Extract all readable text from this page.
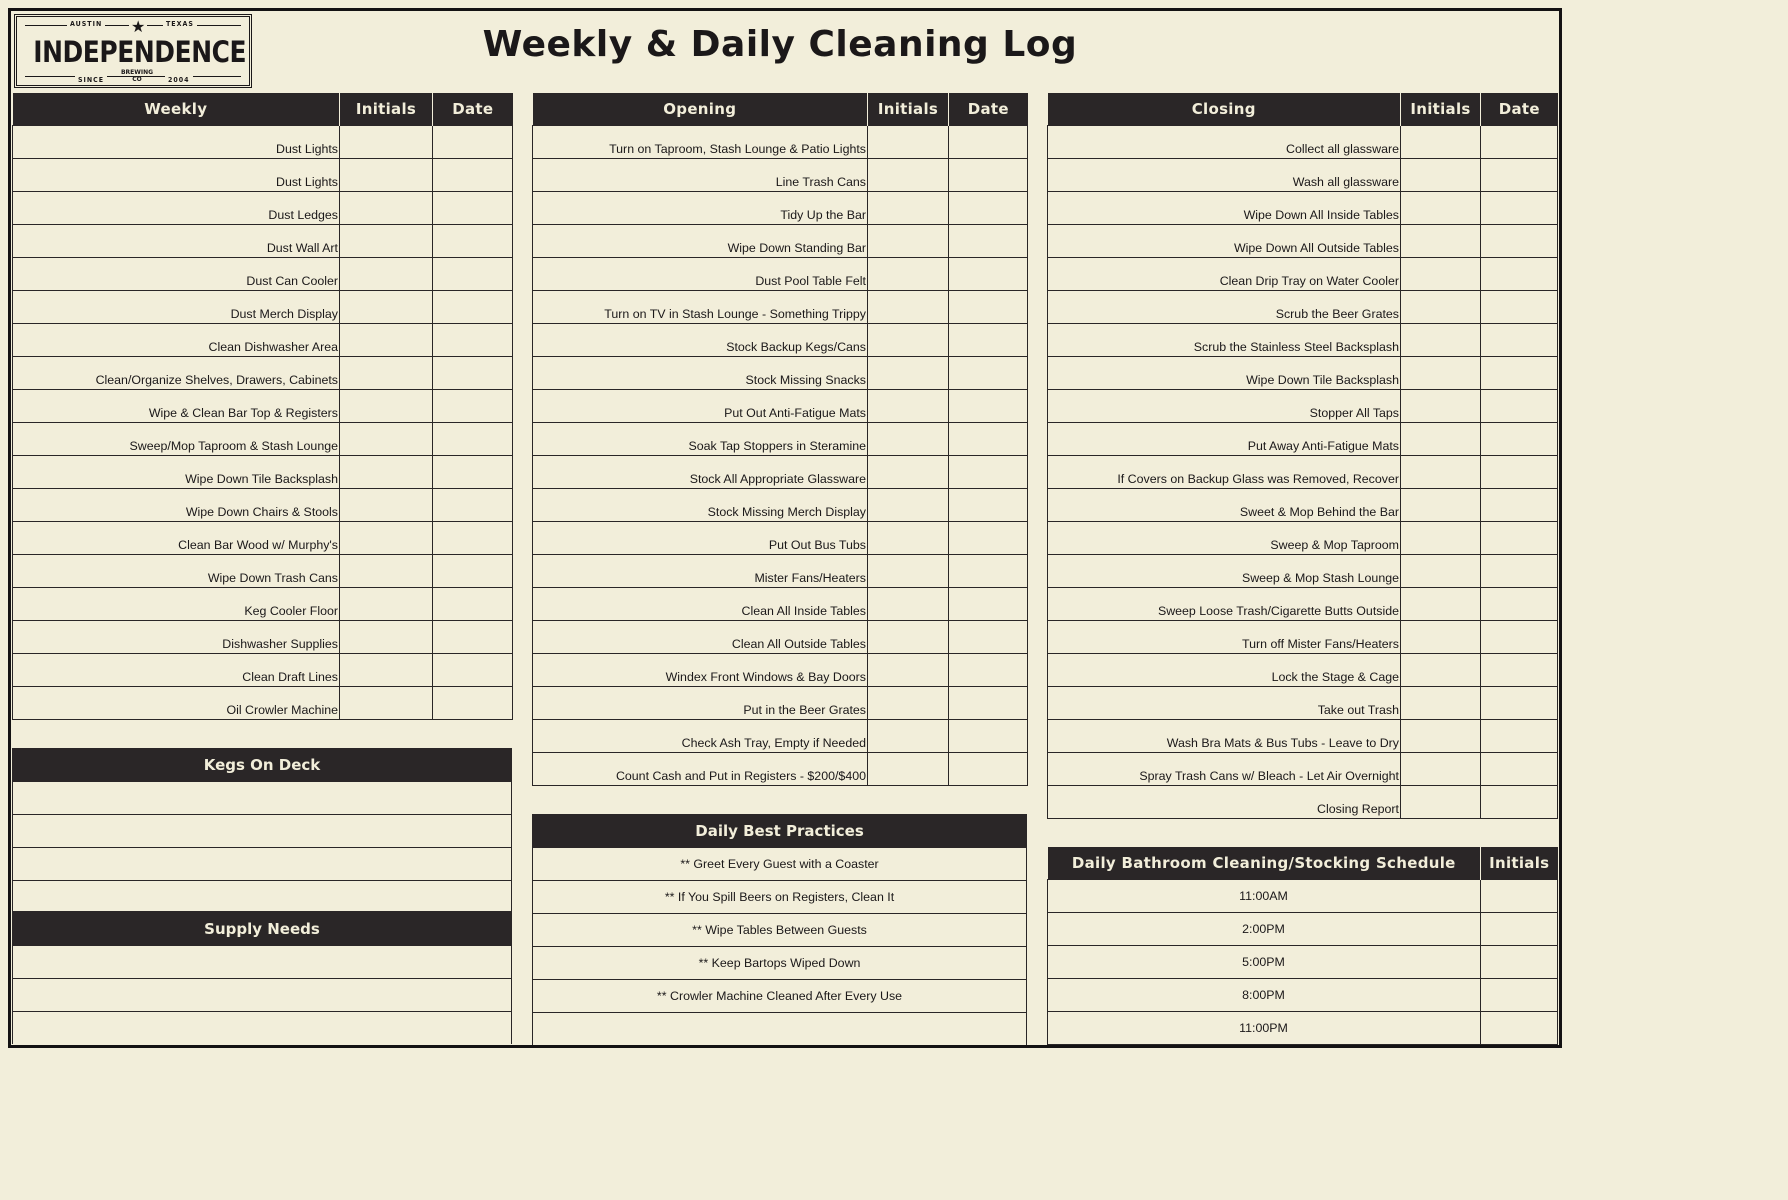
AUSTIN ★	TEXAS
INDEPENDENCE
SINCE
BREWING CO	2004
Weekly & Daily Cleaning Log
Weekly	Initials	Date
Dust Lights		
Dust Lights		
Dust Ledges		
Dust Wall Art		
Dust Can Cooler		
Dust Merch Display		
Clean Dishwasher Area		
Clean/Organize Shelves, Drawers, Cabinets		
Wipe & Clean Bar Top & Registers		
Sweep/Mop Taproom & Stash Lounge		
Wipe Down Tile Backsplash		
Wipe Down Chairs & Stools		
Clean Bar Wood w/ Murphy's		
Wipe Down Trash Cans		
Keg Cooler Floor		
Dishwasher Supplies		
Clean Draft Lines		
Oil Crowler Machine		
Opening	Initials	Date
Turn on Taproom, Stash Lounge & Patio Lights		
Line Trash Cans		
Tidy Up the Bar		
Wipe Down Standing Bar		
Dust Pool Table Felt		
Turn on TV in Stash Lounge - Something Trippy		
Stock Backup Kegs/Cans		
Stock Missing Snacks		
Put Out Anti-Fatigue Mats		
Soak Tap Stoppers in Steramine		
Stock All Appropriate Glassware		
Stock Missing Merch Display		
Put Out Bus Tubs		
Mister Fans/Heaters		
Clean All Inside Tables		
Clean All Outside Tables		
Windex Front Windows & Bay Doors		
Put in the Beer Grates		
Check Ash Tray, Empty if Needed		
Count Cash and Put in Registers - $200/$400		
Closing	Initials	Date
Collect all glassware		
Wash all glassware		
Wipe Down All Inside Tables		
Wipe Down All Outside Tables		
Clean Drip Tray on Water Cooler		
Scrub the Beer Grates		
Scrub the Stainless Steel Backsplash		
Wipe Down Tile Backsplash		
Stopper All Taps		
Put Away Anti-Fatigue Mats		
If Covers on Backup Glass was Removed, Recover		
Sweet & Mop Behind the Bar		
Sweep & Mop Taproom		
Sweep & Mop Stash Lounge		
Sweep Loose Trash/Cigarette Butts Outside		
Turn off Mister Fans/Heaters		
Lock the Stage & Cage		
Take out Trash		
Wash Bra Mats & Bus Tubs - Leave to Dry		
Spray Trash Cans w/ Bleach - Let Air Overnight		
Closing Report		
Kegs On Deck
Supply Needs
Daily Best Practices
** Greet Every Guest with a Coaster
** If You Spill Beers on Registers, Clean It
** Wipe Tables Between Guests
** Keep Bartops Wiped Down
** Crowler Machine Cleaned After Every Use
Daily Bathroom Cleaning/Stocking Schedule	Initials
11:00AM	
2:00PM	
5:00PM	
8:00PM	
11:00PM	
